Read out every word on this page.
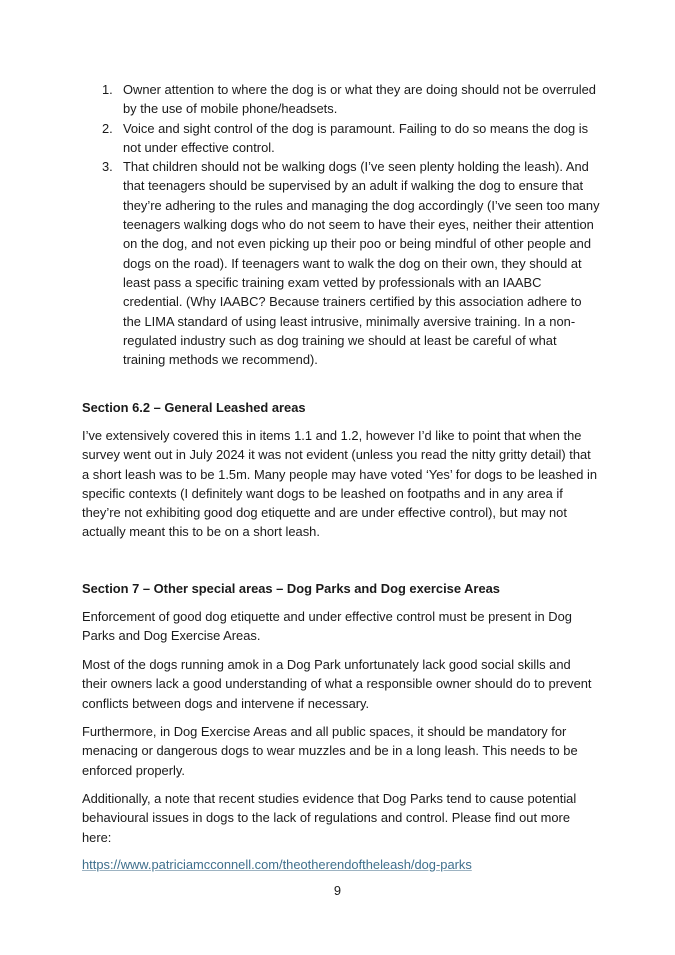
1. Owner attention to where the dog is or what they are doing should not be overruled by the use of mobile phone/headsets.
2. Voice and sight control of the dog is paramount. Failing to do so means the dog is not under effective control.
3. That children should not be walking dogs (I’ve seen plenty holding the leash). And that teenagers should be supervised by an adult if walking the dog to ensure that they’re adhering to the rules and managing the dog accordingly (I’ve seen too many teenagers walking dogs who do not seem to have their eyes, neither their attention on the dog, and not even picking up their poo or being mindful of other people and dogs on the road). If teenagers want to walk the dog on their own, they should at least pass a specific training exam vetted by professionals with an IAABC credential. (Why IAABC? Because trainers certified by this association adhere to the LIMA standard of using least intrusive, minimally aversive training. In a non-regulated industry such as dog training we should at least be careful of what training methods we recommend).
Section 6.2 – General Leashed areas

I’ve extensively covered this in items 1.1 and 1.2, however I’d like to point that when the survey went out in July 2024 it was not evident (unless you read the nitty gritty detail) that a short leash was to be 1.5m. Many people may have voted ‘Yes’ for dogs to be leashed in specific contexts (I definitely want dogs to be leashed on footpaths and in any area if they’re not exhibiting good dog etiquette and are under effective control), but may not actually meant this to be on a short leash.

Section 7 – Other special areas – Dog Parks and Dog exercise Areas

Enforcement of good dog etiquette and under effective control must be present in Dog Parks and Dog Exercise Areas.

Most of the dogs running amok in a Dog Park unfortunately lack good social skills and their owners lack a good understanding of what a responsible owner should do to prevent conflicts between dogs and intervene if necessary.

Furthermore, in Dog Exercise Areas and all public spaces, it should be mandatory for menacing or dangerous dogs to wear muzzles and be in a long leash. This needs to be enforced properly.

Additionally, a note that recent studies evidence that Dog Parks tend to cause potential behavioural issues in dogs to the lack of regulations and control. Please find out more here:

https://www.patriciamcconnell.com/theotherendoftheleash/dog-parks

9
